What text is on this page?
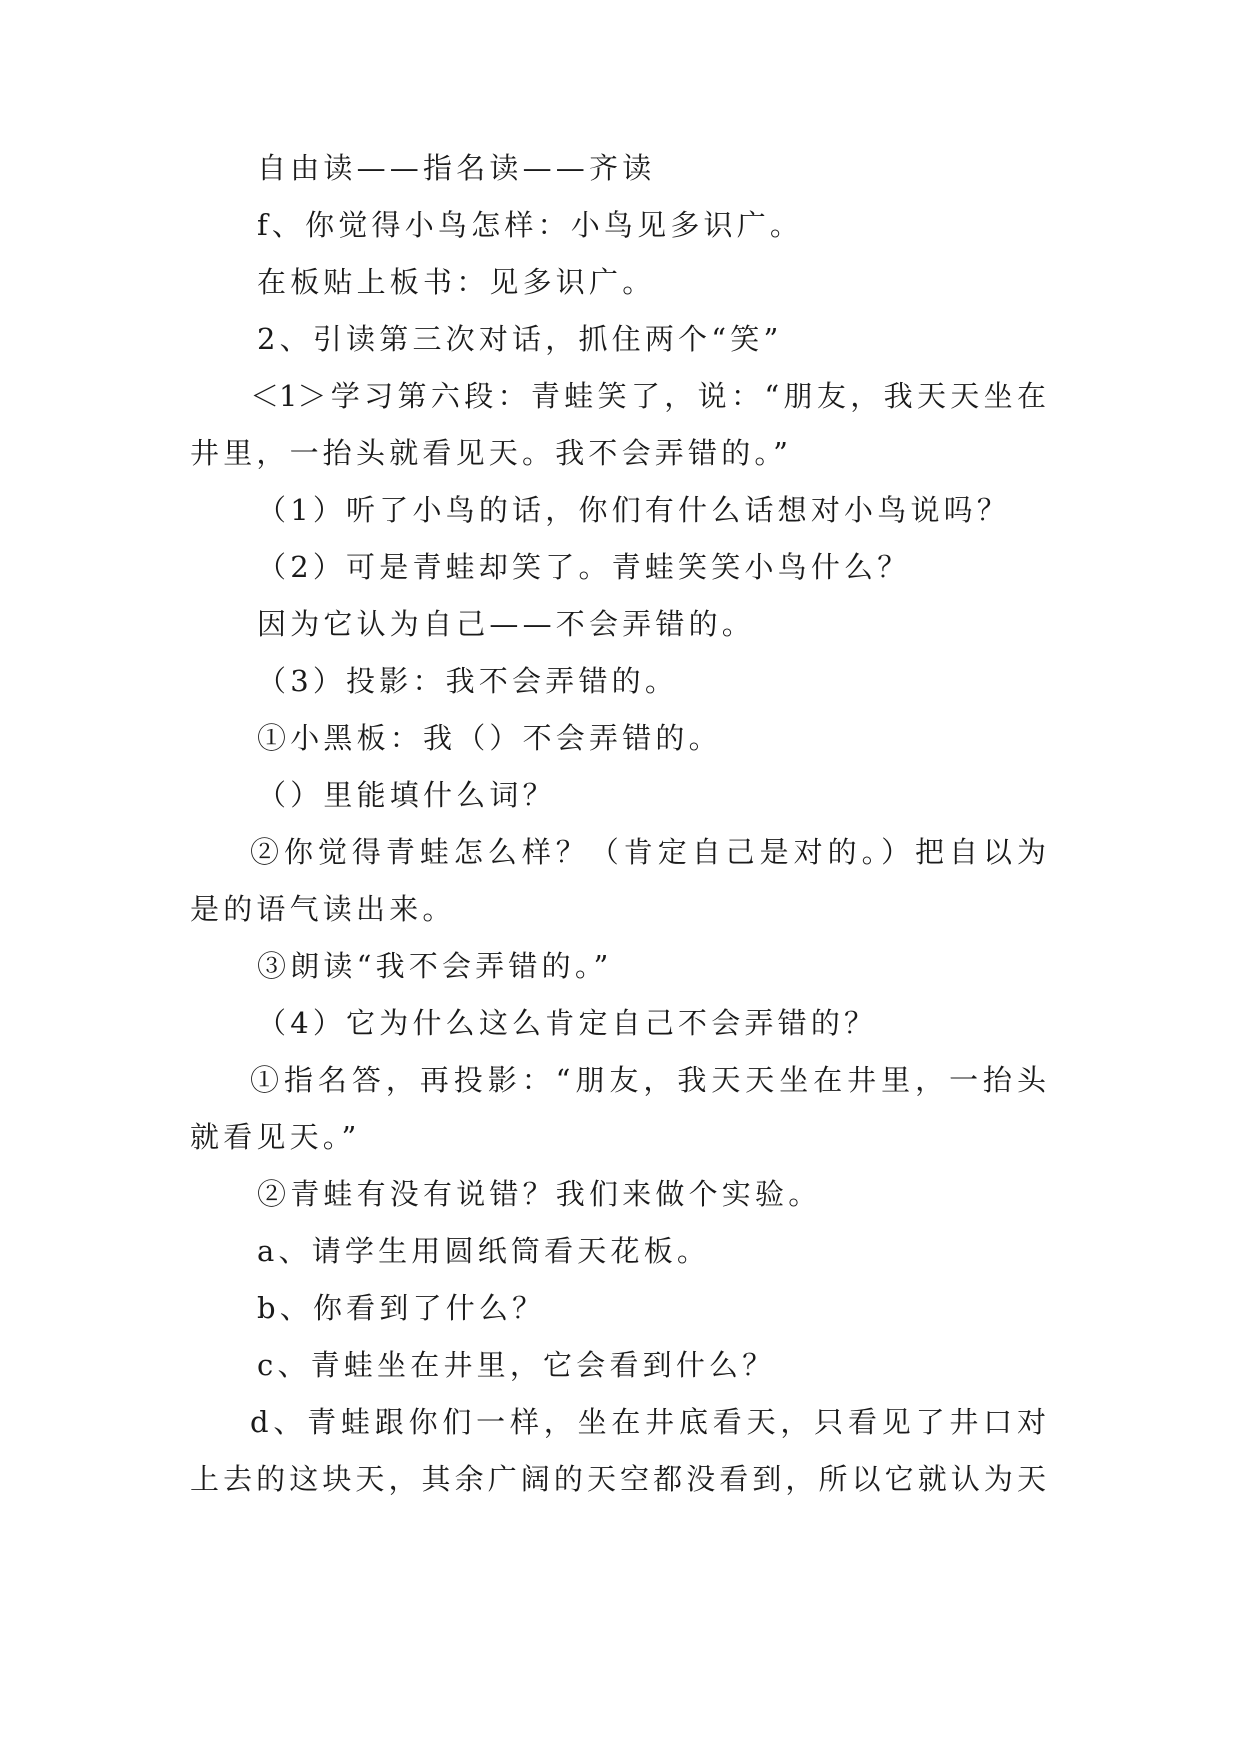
自由读——指名读——齐读
f、你觉得小鸟怎样：小鸟见多识广。
在板贴上板书：见多识广。
2、引读第三次对话，抓住两个“笑”
＜1＞学习第六段：青蛙笑了，说：“朋友，我天天坐在
井里，一抬头就看见天。我不会弄错的。”
（1）听了小鸟的话，你们有什么话想对小鸟说吗？
（2）可是青蛙却笑了。青蛙笑笑小鸟什么？
因为它认为自己——不会弄错的。
（3）投影：我不会弄错的。
①小黑板：我（）不会弄错的。
（）里能填什么词？
②你觉得青蛙怎么样？（肯定自己是对的。）把自以为
是的语气读出来。
③朗读“我不会弄错的。”
（4）它为什么这么肯定自己不会弄错的？
①指名答，再投影：“朋友，我天天坐在井里，一抬头
就看见天。”
②青蛙有没有说错？我们来做个实验。
a、请学生用圆纸筒看天花板。
b、你看到了什么？
c、青蛙坐在井里，它会看到什么？
d、青蛙跟你们一样，坐在井底看天，只看见了井口对
上去的这块天，其余广阔的天空都没看到，所以它就认为天
